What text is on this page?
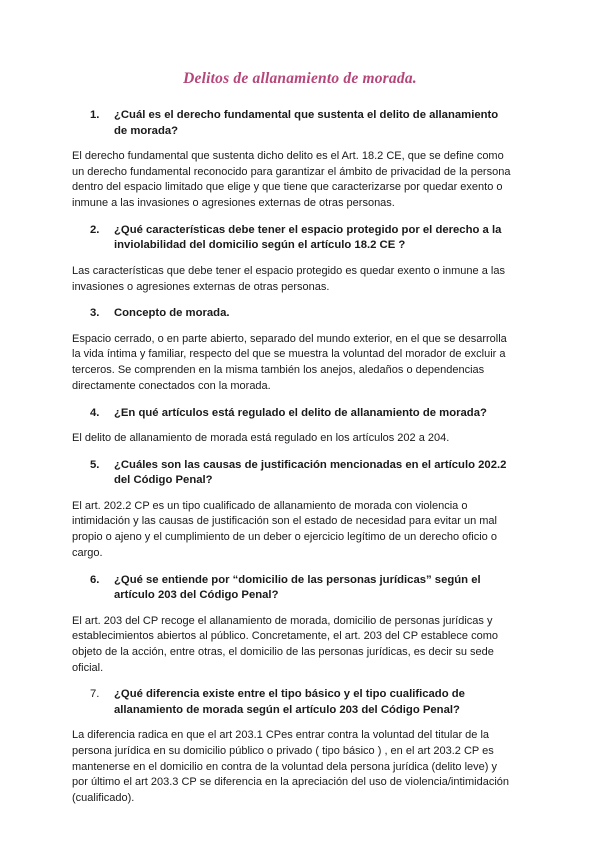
Delitos de allanamiento de morada.
1.	¿Cuál es el derecho fundamental que sustenta el delito de allanamiento de morada?

El derecho fundamental que sustenta dicho delito es el Art. 18.2 CE, que se define como un derecho fundamental reconocido para garantizar el ámbito de privacidad de la persona dentro del espacio limitado que elige y que tiene que caracterizarse por quedar exento o inmune a las invasiones o agresiones externas de otras personas.

2.	¿Qué características debe tener el espacio protegido por el derecho a la inviolabilidad del domicilio según el artículo 18.2 CE ?

Las características que debe tener el espacio protegido es quedar exento o inmune a las invasiones o agresiones externas de otras personas.

3.	Concepto de morada.

Espacio cerrado, o en parte abierto, separado del mundo exterior, en el que se desarrolla la vida íntima y familiar, respecto del que se muestra la voluntad del morador de excluir a terceros. Se comprenden en la misma también los anejos, aledaños o dependencias directamente conectados con la morada.

4.	¿En qué artículos está regulado el delito de allanamiento de morada?

El delito de allanamiento de morada está regulado en los artículos 202 a 204.

5.	¿Cuáles son las causas de justificación mencionadas en el artículo 202.2 del Código Penal?

El art. 202.2 CP es un tipo cualificado de allanamiento de morada con violencia o intimidación y las causas de justificación son el estado de necesidad para evitar un mal propio o ajeno y el cumplimiento de un deber o ejercicio legítimo de un derecho oficio o cargo.

6.	¿Qué se entiende por “domicilio de las personas jurídicas” según el artículo 203 del Código Penal?

El art. 203 del CP recoge el allanamiento de morada, domicilio de personas jurídicas y establecimientos abiertos al público. Concretamente, el art. 203 del CP establece como objeto de la acción, entre otras, el domicilio de las personas jurídicas, es decir su sede oficial.

7.	¿Qué diferencia existe entre el tipo básico y el tipo cualificado de allanamiento de morada según el artículo 203 del Código Penal?

La diferencia radica en que el art 203.1 CPes entrar contra la voluntad del titular de la persona jurídica en su domicilio público o privado ( tipo básico ) , en el art 203.2 CP es mantenerse en el domicilio en contra de la voluntad dela persona jurídica (delito leve) y por último el art 203.3 CP se diferencia en la apreciación del uso de violencia/intimidación (cualificado).
